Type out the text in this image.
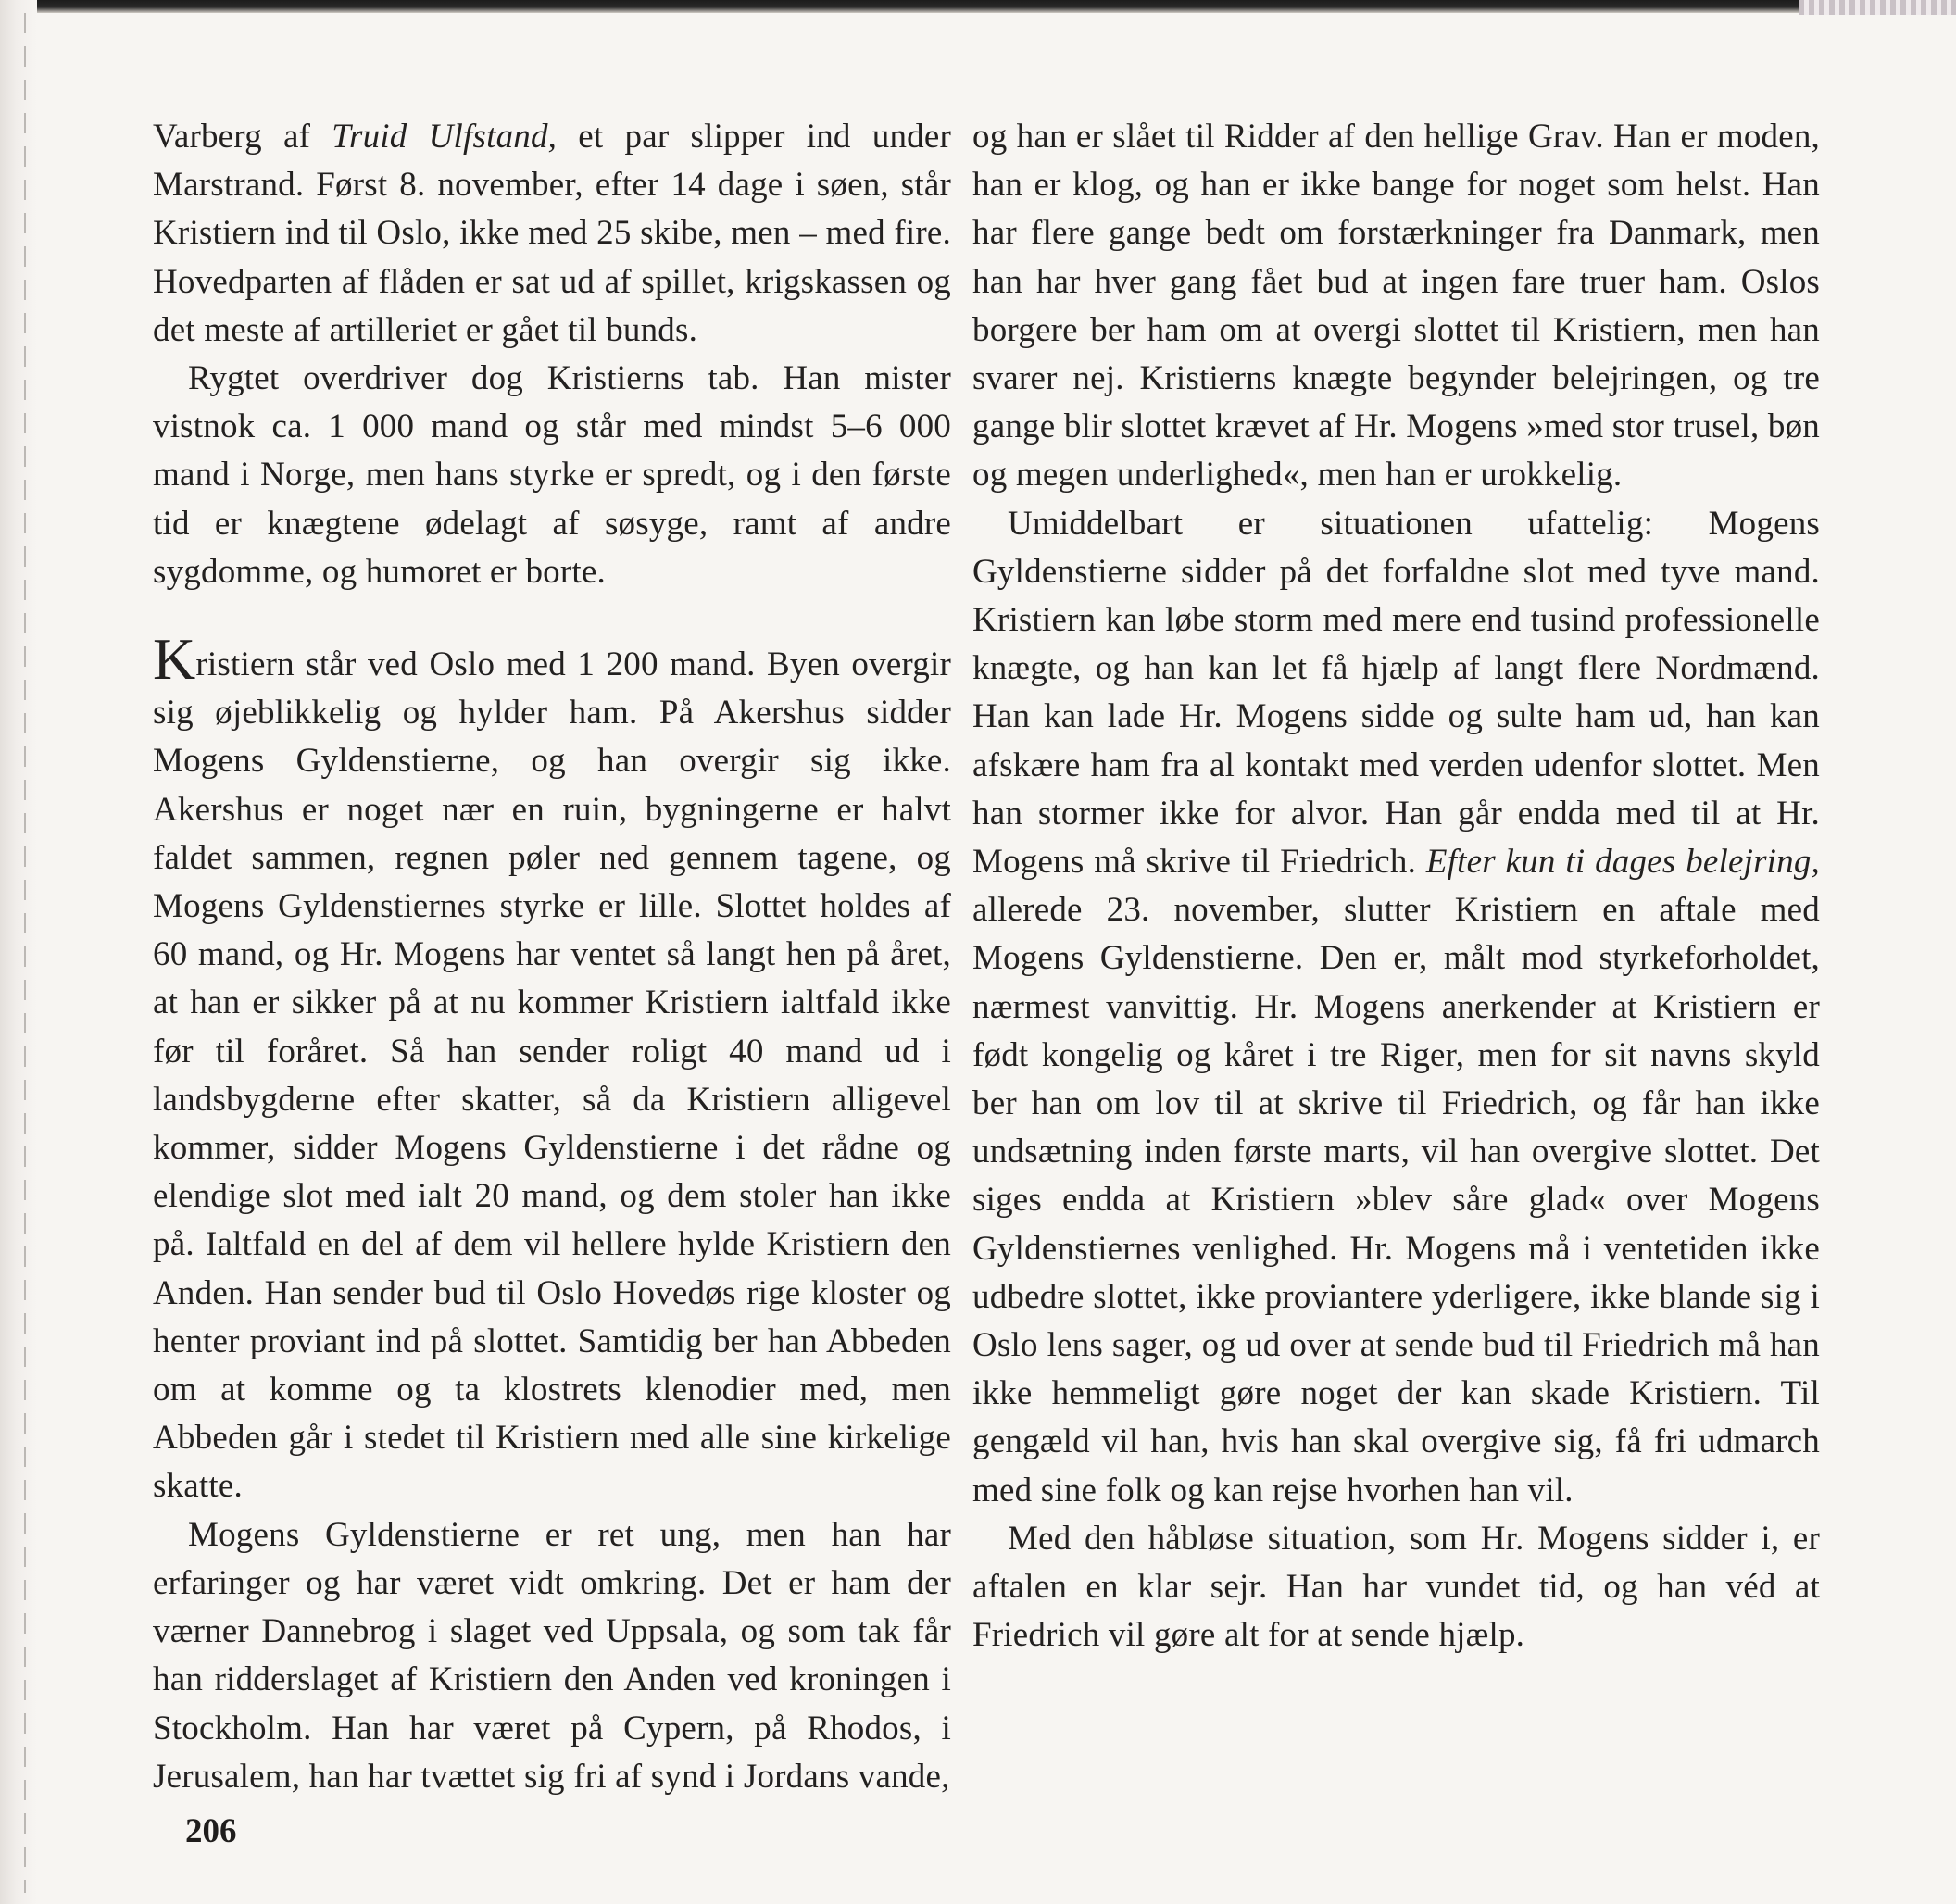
Varberg af Truid Ulfstand, et par slipper ind under Marstrand. Først 8. november, efter 14 dage i søen, står Kristiern ind til Oslo, ikke med 25 skibe, men – med fire. Hovedparten af flåden er sat ud af spillet, krigskassen og det meste af artilleriet er gået til bunds.

Rygtet overdriver dog Kristierns tab. Han mister vistnok ca. 1 000 mand og står med mindst 5–6 000 mand i Norge, men hans styrke er spredt, og i den første tid er knægtene ødelagt af søsyge, ramt af andre sygdomme, og humoret er borte.

Kristiern står ved Oslo med 1 200 mand. Byen overgir sig øjeblikkelig og hylder ham. På Akershus sidder Mogens Gyldenstierne, og han overgir sig ikke. Akershus er noget nær en ruin, bygningerne er halvt faldet sammen, regnen pøler ned gennem tagene, og Mogens Gyldenstiernes styrke er lille. Slottet holdes af 60 mand, og Hr. Mogens har ventet så langt hen på året, at han er sikker på at nu kommer Kristiern ialtfald ikke før til foråret. Så han sender roligt 40 mand ud i landsbygderne efter skatter, så da Kristiern alligevel kommer, sidder Mogens Gyldenstierne i det rådne og elendige slot med ialt 20 mand, og dem stoler han ikke på. Ialtfald en del af dem vil hellere hylde Kristiern den Anden. Han sender bud til Oslo Hovedøs rige kloster og henter proviant ind på slottet. Samtidig ber han Abbeden om at komme og ta klostrets klenodier med, men Abbeden går i stedet til Kristiern med alle sine kirkelige skatte.

Mogens Gyldenstierne er ret ung, men han har erfaringer og har været vidt omkring. Det er ham der værner Dannebrog i slaget ved Uppsala, og som tak får han ridderslaget af Kristiern den Anden ved kroningen i Stockholm. Han har været på Cypern, på Rhodos, i Jerusalem, han har tvættet sig fri af synd i Jordans vande,

og han er slået til Ridder af den hellige Grav. Han er moden, han er klog, og han er ikke bange for noget som helst. Han har flere gange bedt om forstærkninger fra Danmark, men han har hver gang fået bud at ingen fare truer ham. Oslos borgere ber ham om at overgi slottet til Kristiern, men han svarer nej. Kristierns knægte begynder belejringen, og tre gange blir slottet krævet af Hr. Mogens »med stor trusel, bøn og megen underlighed«, men han er urokkelig.

Umiddelbart er situationen ufattelig: Mogens Gyldenstierne sidder på det forfaldne slot med tyve mand. Kristiern kan løbe storm med mere end tusind professionelle knægte, og han kan let få hjælp af langt flere Nordmænd. Han kan lade Hr. Mogens sidde og sulte ham ud, han kan afskære ham fra al kontakt med verden udenfor slottet. Men han stormer ikke for alvor. Han går endda med til at Hr. Mogens må skrive til Friedrich. Efter kun ti dages belejring, allerede 23. november, slutter Kristiern en aftale med Mogens Gyldenstierne. Den er, målt mod styrkeforholdet, nærmest vanvittig. Hr. Mogens anerkender at Kristiern er født kongelig og kåret i tre Riger, men for sit navns skyld ber han om lov til at skrive til Friedrich, og får han ikke undsætning inden første marts, vil han overgive slottet. Det siges endda at Kristiern »blev såre glad« over Mogens Gyldenstiernes venlighed. Hr. Mogens må i ventetiden ikke udbedre slottet, ikke proviantere yderligere, ikke blande sig i Oslo lens sager, og ud over at sende bud til Friedrich må han ikke hemmeligt gøre noget der kan skade Kristiern. Til gengæld vil han, hvis han skal overgive sig, få fri udmarch med sine folk og kan rejse hvorhen han vil.

Med den håbløse situation, som Hr. Mogens sidder i, er aftalen en klar sejr. Han har vundet tid, og han véd at Friedrich vil gøre alt for at sende hjælp.

206
